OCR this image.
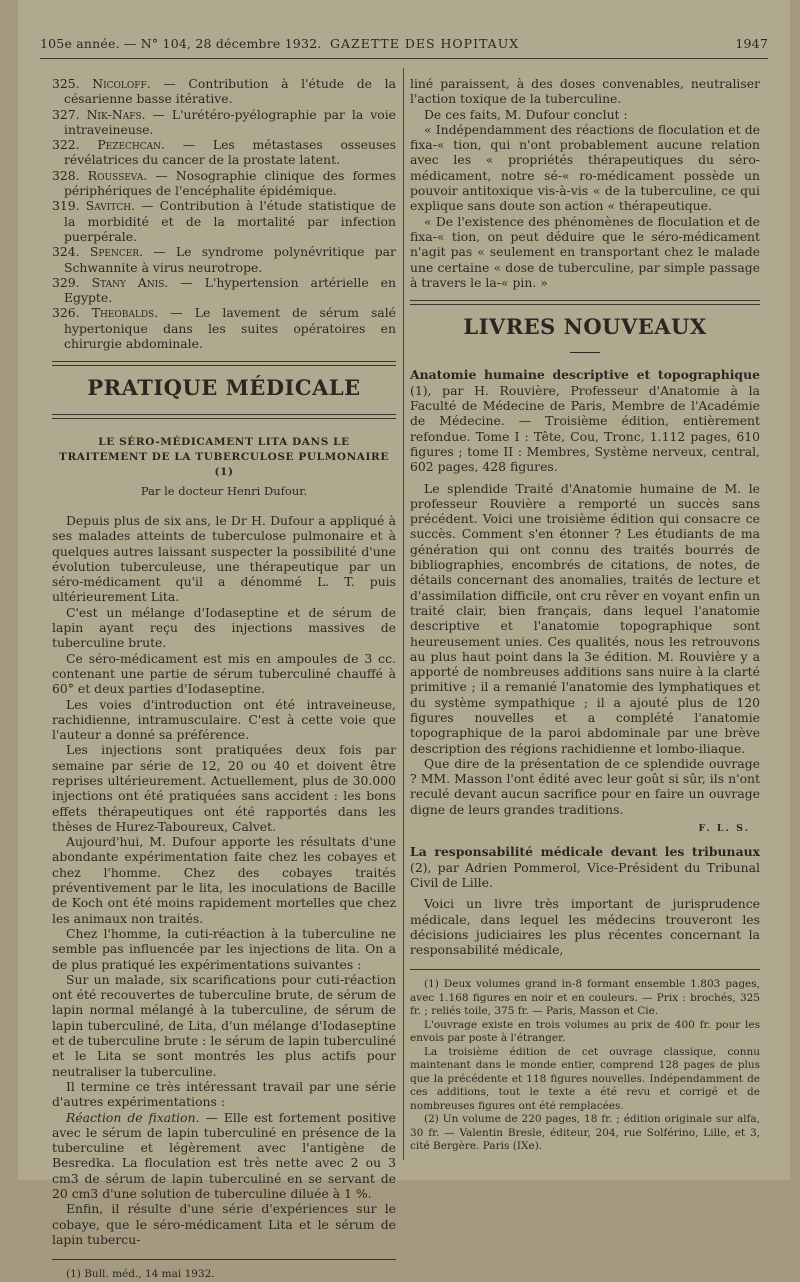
105e année. — N° 104, 28 décembre 1932. GAZETTE DES HOPITAUX	1947

325. Nicoloff. — Contribution à l'étude de la césarienne basse itérative.

327. Nik-Nafs. — L'urétéro-pyélographie par la voie intraveineuse.

322. Pezechcan. — Les métastases osseuses révélatrices du cancer de la prostate latent.

328. Rousseva. — Nosographie clinique des formes périphériques de l'encéphalite épidémique.

319. Savitch. — Contribution à l'étude statistique de la morbidité et de la mortalité par infection puerpérale.

324. Spencer. — Le syndrome polynévritique par Schwannite à virus neurotrope.

329. Stany Anis. — L'hypertension artérielle en Egypte.

326. Theobalds. — Le lavement de sérum salé hypertonique dans les suites opératoires en chirurgie abdominale.

PRATIQUE MÉDICALE
LE SÉRO-MÉDICAMENT LITA DANS LE TRAITEMENT DE LA TUBERCULOSE PULMONAIRE (1)
Par le docteur Henri Dufour.

Depuis plus de six ans, le Dr H. Dufour a appliqué à ses malades atteints de tuberculose pulmonaire et à quelques autres laissant suspecter la possibilité d'une évolution tuberculeuse, une thérapeutique par un séro-médicament qu'il a dénommé L. T. puis ultérieurement Lita.

C'est un mélange d'Iodaseptine et de sérum de lapin ayant reçu des injections massives de tuberculine brute.

Ce séro-médicament est mis en ampoules de 3 cc. contenant une partie de sérum tuberculiné chauffé à 60° et deux parties d'Iodaseptine.

Les voies d'introduction ont été intraveineuse, rachidienne, intramusculaire. C'est à cette voie que l'auteur a donné sa préférence.

Les injections sont pratiquées deux fois par semaine par série de 12, 20 ou 40 et doivent être reprises ultérieurement. Actuellement, plus de 30.000 injections ont été pratiquées sans accident : les bons effets thérapeutiques ont été rapportés dans les thèses de Hurez-Taboureux, Calvet.

Aujourd'hui, M. Dufour apporte les résultats d'une abondante expérimentation faite chez les cobayes et chez l'homme. Chez des cobayes traités préventivement par le lita, les inoculations de Bacille de Koch ont été moins rapidement mortelles que chez les animaux non traités.

Chez l'homme, la cuti-réaction à la tuberculine ne semble pas influencée par les injections de lita. On a de plus pratiqué les expérimentations suivantes :

Sur un malade, six scarifications pour cuti-réaction ont été recouvertes de tuberculine brute, de sérum de lapin normal mélangé à la tuberculine, de sérum de lapin tuberculiné, de Lita, d'un mélange d'Iodaseptine et de tuberculine brute : le sérum de lapin tuberculiné et le Lita se sont montrés les plus actifs pour neutraliser la tuberculine.

Il termine ce très intéressant travail par une série d'autres expérimentations :

Réaction de fixation. — Elle est fortement positive avec le sérum de lapin tuberculiné en présence de la tuberculine et légèrement avec l'antigène de Besredka. La floculation est très nette avec 2 ou 3 cm3 de sérum de lapin tuberculiné en se servant de 20 cm3 d'une solution de tuberculine diluée à 1 %.

Enfin, il résulte d'une série d'expériences sur le cobaye, que le séro-médicament Lita et le sérum de lapin tubercu-

(1) Bull. méd., 14 mai 1932.

liné paraissent, à des doses convenables, neutraliser l'action toxique de la tuberculine.

De ces faits, M. Dufour conclut :

« Indépendamment des réactions de floculation et de fixa-« tion, qui n'ont probablement aucune relation avec les « propriétés thérapeutiques du séro-médicament, notre sé-« ro-médicament possède un pouvoir antitoxique vis-à-vis « de la tuberculine, ce qui explique sans doute son action « thérapeutique.

« De l'existence des phénomènes de floculation et de fixa-« tion, on peut déduire que le séro-médicament n'agit pas « seulement en transportant chez le malade une certaine « dose de tuberculine, par simple passage à travers le la-« pin. »

LIVRES NOUVEAUX

Anatomie humaine descriptive et topographique (1), par H. Rouvière, Professeur d'Anatomie à la Faculté de Médecine de Paris, Membre de l'Académie de Médecine. — Troisième édition, entièrement refondue. Tome I : Tête, Cou, Tronc, 1.112 pages, 610 figures ; tome II : Membres, Système nerveux, central, 602 pages, 428 figures.

Le splendide Traité d'Anatomie humaine de M. le professeur Rouvière a remporté un succès sans précédent. Voici une troisième édition qui consacre ce succès. Comment s'en étonner ? Les étudiants de ma génération qui ont connu des traités bourrés de bibliographies, encombrés de citations, de notes, de détails concernant des anomalies, traités de lecture et d'assimilation difficile, ont cru rêver en voyant enfin un traité clair, bien français, dans lequel l'anatomie descriptive et l'anatomie topographique sont heureusement unies. Ces qualités, nous les retrouvons au plus haut point dans la 3e édition. M. Rouvière y a apporté de nombreuses additions sans nuire à la clarté primitive ; il a remanié l'anatomie des lymphatiques et du système sympathique ; il a ajouté plus de 120 figures nouvelles et a complété l'anatomie topographique de la paroi abdominale par une brève description des régions rachidienne et lombo-iliaque.

Que dire de la présentation de ce splendide ouvrage ? MM. Masson l'ont édité avec leur goût si sûr, ils n'ont reculé devant aucun sacrifice pour en faire un ouvrage digne de leurs grandes traditions.

F. L. S.

La responsabilité médicale devant les tribunaux (2), par Adrien Pommerol, Vice-Président du Tribunal Civil de Lille.

Voici un livre très important de jurisprudence médicale, dans lequel les médecins trouveront les décisions judiciaires les plus récentes concernant la responsabilité médicale,

(1) Deux volumes grand in-8 formant ensemble 1.803 pages, avec 1.168 figures en noir et en couleurs. — Prix : brochés, 325 fr. ; reliés toile, 375 fr. — Paris, Masson et Cie.

L'ouvrage existe en trois volumes au prix de 400 fr. pour les envois par poste à l'étranger.

La troisième édition de cet ouvrage classique, connu maintenant dans le monde entier, comprend 128 pages de plus que la précédente et 118 figures nouvelles. Indépendamment de ces additions, tout le texte a été revu et corrigé et de nombreuses figures ont été remplacées.

(2) Un volume de 220 pages, 18 fr. ; édition originale sur alfa, 30 fr. — Valentin Bresle, éditeur, 204, rue Solférino, Lille, et 3, cité Bergère. Paris (IXe).
